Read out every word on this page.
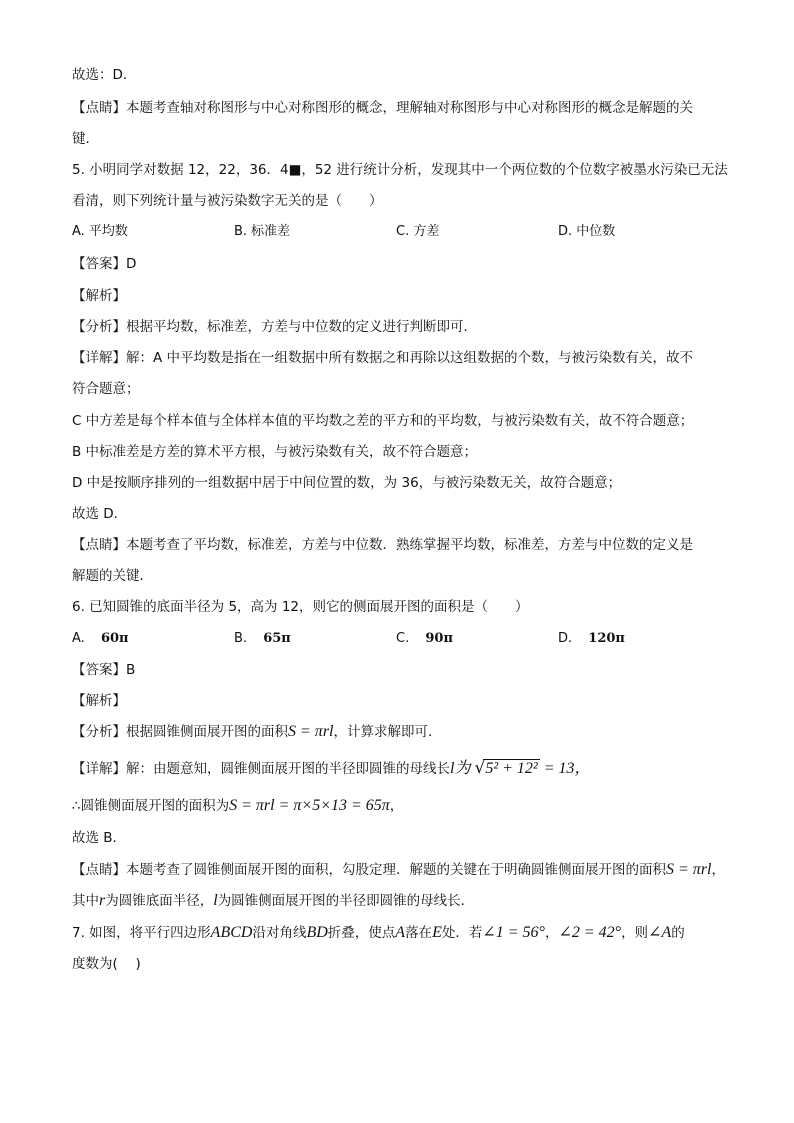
故选：D．
【点睛】本题考查轴对称图形与中心对称图形的概念，理解轴对称图形与中心对称图形的概念是解题的关
键．
5. 小明同学对数据 12，22，36．4■，52 进行统计分析，发现其中一个两位数的个位数字被墨水污染已无法
看清，则下列统计量与被污染数字无关的是（　　）
A. 平均数	B. 标准差	C. 方差	D. 中位数
【答案】D
【解析】
【分析】根据平均数，标准差，方差与中位数的定义进行判断即可．
【详解】解：A 中平均数是指在一组数据中所有数据之和再除以这组数据的个数，与被污染数有关，故不
符合题意；
C 中方差是每个样本值与全体样本值的平均数之差的平方和的平均数，与被污染数有关，故不符合题意；
B 中标准差是方差的算术平方根，与被污染数有关，故不符合题意；
D 中是按顺序排列的一组数据中居于中间位置的数，为 36，与被污染数无关，故符合题意；
故选 D．
【点睛】本题考查了平均数，标准差，方差与中位数．熟练掌握平均数，标准差，方差与中位数的定义是
解题的关键．
6. 已知圆锥的底面半径为 5，高为 12，则它的侧面展开图的面积是（　　）
A. 60π	B. 65π	C. 90π	D. 120π
【答案】B
【解析】
【分析】根据圆锥侧面展开图的面积S = πrl，计算求解即可．
【详解】解：由题意知，圆锥侧面展开图的半径即圆锥的母线长l为 √5² + 12² = 13，
∴圆锥侧面展开图的面积为S = πrl = π×5×13 = 65π，
故选 B．
【点睛】本题考查了圆锥侧面展开图的面积，勾股定理．解题的关键在于明确圆锥侧面展开图的面积S = πrl，
其中r为圆锥底面半径，l为圆锥侧面展开图的半径即圆锥的母线长．
7. 如图，将平行四边形ABCD沿对角线BD折叠，使点A落在E处．若∠1 = 56°，∠2 = 42°，则∠A的
度数为(　 )
